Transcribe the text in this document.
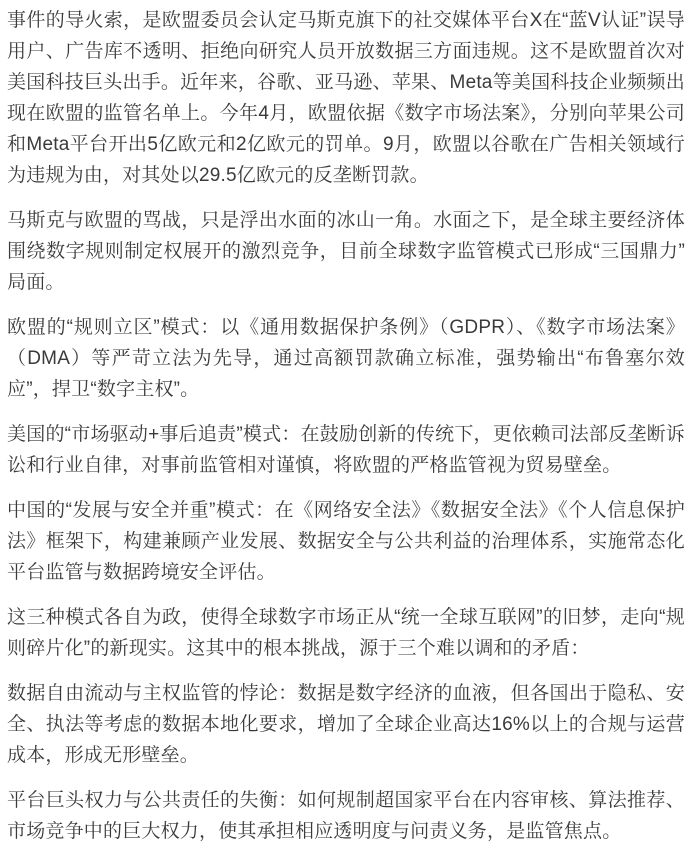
事件的导火索，是欧盟委员会认定马斯克旗下的社交媒体平台X在“蓝V认证”误导用户、广告库不透明、拒绝向研究人员开放数据三方面违规。这不是欧盟首次对美国科技巨头出手。近年来，谷歌、亚马逊、苹果、Meta等美国科技企业频频出现在欧盟的监管名单上。今年4月，欧盟依据《数字市场法案》，分别向苹果公司和Meta平台开出5亿欧元和2亿欧元的罚单。9月，欧盟以谷歌在广告相关领域行为违规为由，对其处以29.5亿欧元的反垄断罚款。

马斯克与欧盟的骂战，只是浮出水面的冰山一角。水面之下，是全球主要经济体围绕数字规则制定权展开的激烈竞争，目前全球数字监管模式已形成“三国鼎力”局面。

欧盟的“规则立区”模式：以《通用数据保护条例》（GDPR）、《数字市场法案》（DMA）等严苛立法为先导，通过高额罚款确立标准，强势输出“布鲁塞尔效应”，捍卫“数字主权”。

美国的“市场驱动+事后追责”模式：在鼓励创新的传统下，更依赖司法部反垄断诉讼和行业自律，对事前监管相对谨慎，将欧盟的严格监管视为贸易壁垒。

中国的“发展与安全并重”模式：在《网络安全法》《数据安全法》《个人信息保护法》框架下，构建兼顾产业发展、数据安全与公共利益的治理体系，实施常态化平台监管与数据跨境安全评估。

这三种模式各自为政，使得全球数字市场正从“统一全球互联网”的旧梦，走向“规则碎片化”的新现实。这其中的根本挑战，源于三个难以调和的矛盾：

数据自由流动与主权监管的悖论：数据是数字经济的血液，但各国出于隐私、安全、执法等考虑的数据本地化要求，增加了全球企业高达16%以上的合规与运营成本，形成无形壁垒。

平台巨头权力与公共责任的失衡：如何规制超国家平台在内容审核、算法推荐、市场竞争中的巨大权力，使其承担相应透明度与问责义务，是监管焦点。
